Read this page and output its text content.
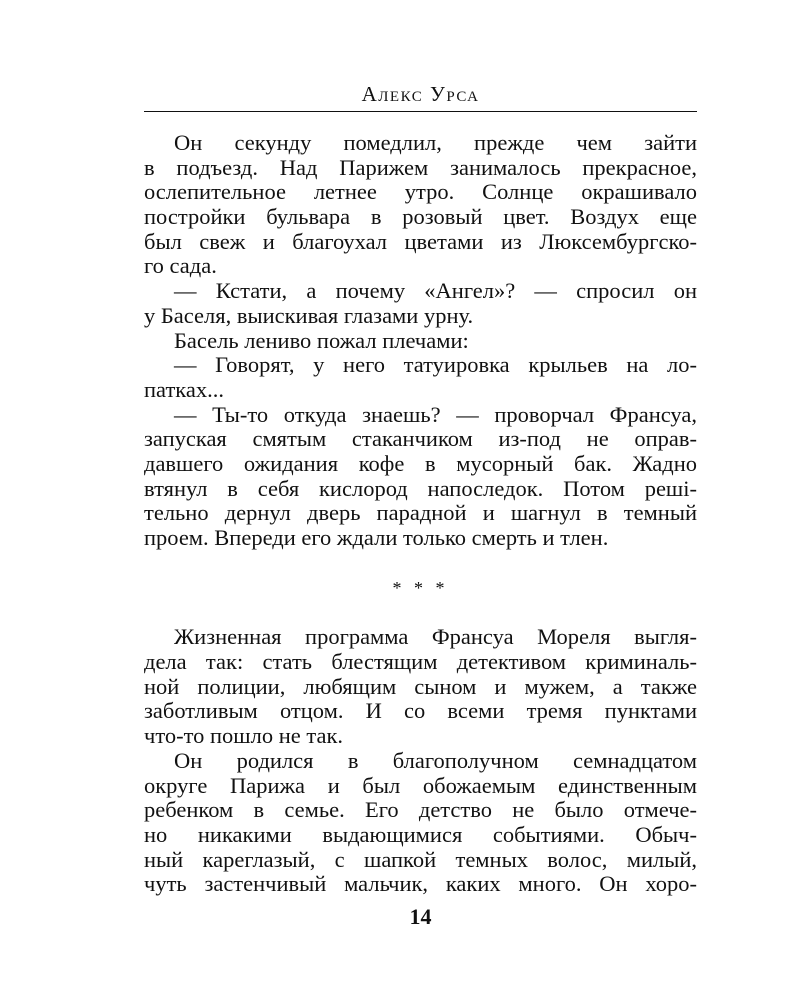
Алекс Урса
Он секунду помедлил, прежде чем зайти
в подъезд. Над Парижем занималось прекрасное,
ослепительное летнее утро. Солнце окрашивало
постройки бульвара в розовый цвет. Воздух еще
был свеж и благоухал цветами из Люксембургско-
го сада.
— Кстати, а почему «Ангел»? — спросил он
у Баселя, выискивая глазами урну.
Басель лениво пожал плечами:
— Говорят, у него татуировка крыльев на ло-
патках...
— Ты-то откуда знаешь? — проворчал Франсуа,
запуская смятым стаканчиком из-под не оправ-
давшего ожидания кофе в мусорный бак. Жадно
втянул в себя кислород напоследок. Потом решi-
тельно дернул дверь парадной и шагнул в темный
проем. Впереди его ждали только смерть и тлен.
* * *
Жизненная программа Франсуа Мореля выгля-
дела так: стать блестящим детективом криминаль-
ной полиции, любящим сыном и мужем, а также
заботливым отцом. И со всеми тремя пунктами
что-то пошло не так.
Он родился в благополучном семнадцатом
округе Парижа и был обожаемым единственным
ребенком в семье. Его детство не было отмече-
но никакими выдающимися событиями. Обыч-
ный кареглазый, с шапкой темных волос, милый,
чуть застенчивый мальчик, каких много. Он хоро-
14
